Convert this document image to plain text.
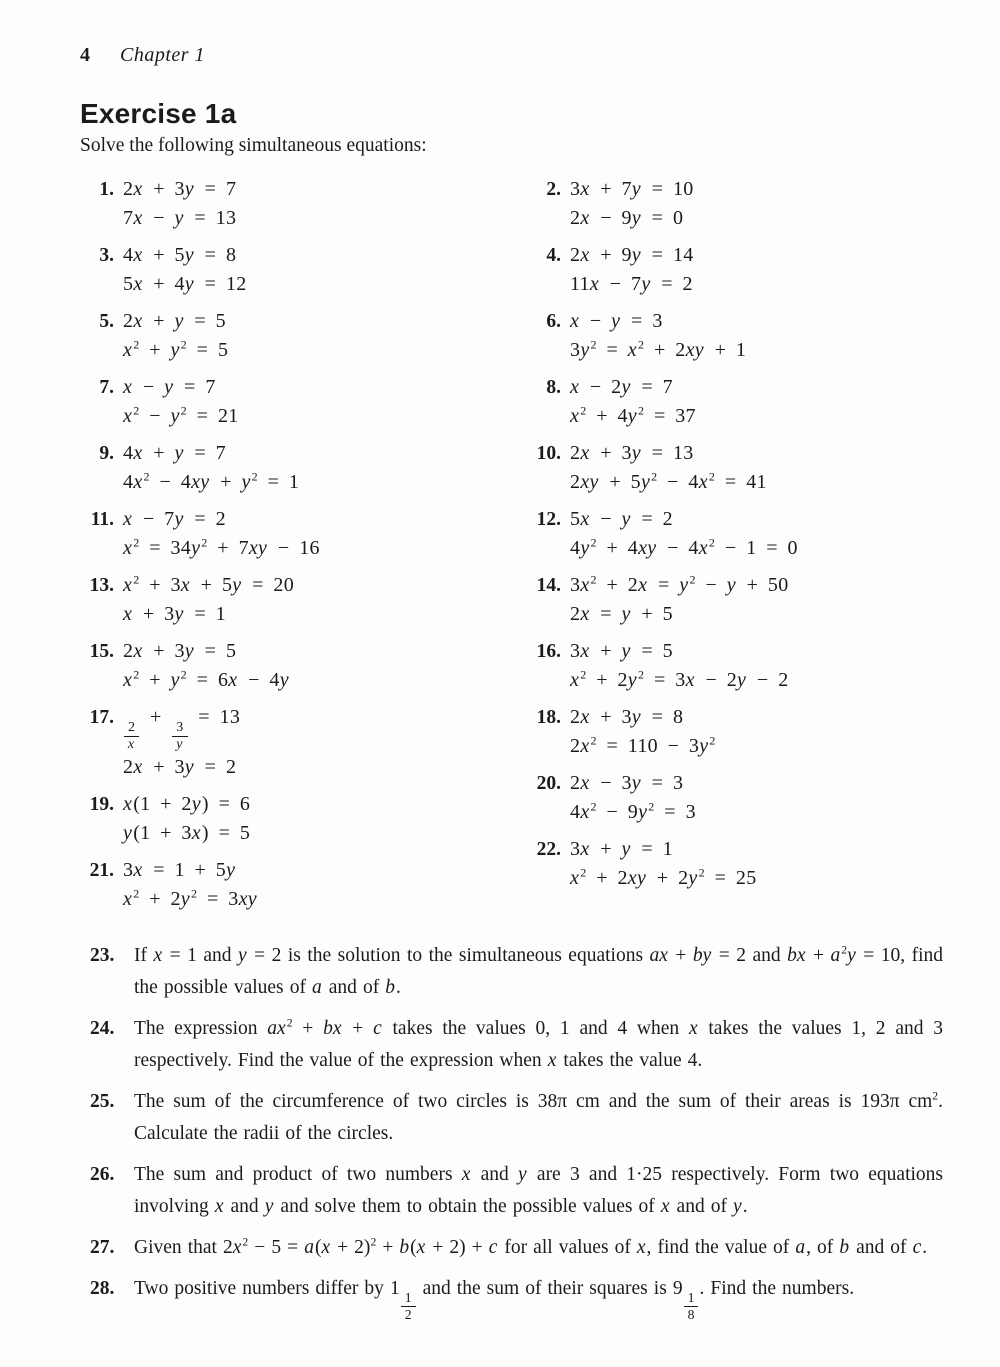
4 Chapter 1
Exercise 1a

Solve the following simultaneous equations:

1. 2x + 3y = 7
7x − y = 13
3. 4x + 5y = 8
5x + 4y = 12
5. 2x + y = 5
$x^2 + y^2 = 5$
7. x − y = 7
$x^2 - y^2 = 21$
9. 4x + y = 7
$4x^2 - 4xy + y^2 = 1$
11. x − 7y = 2
$x^2 = 34y^2 + 7xy - 16$
13. $x^2 + 3x + 5y = 20$
x + 3y = 1
15. 2x + 3y = 5
$x^2 + y^2 = 6x - 4y$
17.
$\frac{2}{x}$
+
$\frac{3}{y}$
= 13
2x + 3y = 2
19. x(1 + 2y) = 6
y(1 + 3x) = 5
21. 3x = 1 + 5y
$x^2 + 2y^2 = 3xy$
2. 3x + 7y = 10
2x − 9y = 0
4. 2x + 9y = 14
11x − 7y = 2
6. x − y = 3
$3y^2 = x^2 + 2xy + 1$
8. x − 2y = 7
$x^2 + 4y^2 = 37$
10. 2x + 3y = 13
$2xy + 5y^2 - 4x^2 = 41$
12. 5x − y = 2
$4y^2 + 4xy - 4x^2 - 1 = 0$
14. $3x^2 + 2x = y^2 - y + 50$
2x = y + 5
16. 3x + y = 5
$x^2 + 2y^2 = 3x - 2y - 2$
18. 2x + 3y = 8
$2x^2 = 110 - 3y^2$
20. 2x − 3y = 3
$4x^2 - 9y^2 = 3$
22. 3x + y = 1
$x^2 + 2xy + 2y^2 = 25$
23.	If x = 1 and y = 2 is the solution to the simultaneous equations ax + by = 2 and bx + $a^2y = 10$, find the possible values of a and of b.
24.	The expression $ax^2$ + bx + c takes the values 0, 1 and 4 when x takes the values 1, 2 and 3 respectively. Find the value of the expression when x takes the value 4.
25.	The sum of the circumference of two circles is 38π cm and the sum of their areas is 193π $cm^2$. Calculate the radii of the circles.
26.	The sum and product of two numbers x and y are 3 and 1·25 respectively. Form two equations involving x and y and solve them to obtain the possible values of x and of y.
27.	Given that $2x^2 - 5 = a(x + 2)^2 + b(x + 2) + c$ for all values of x, find the value of a, of b and of c.
28.	Two positive numbers differ by 1
$\frac{1}{2}$
and the sum of their squares is 9
$\frac{1}{8}$
. Find the numbers.
